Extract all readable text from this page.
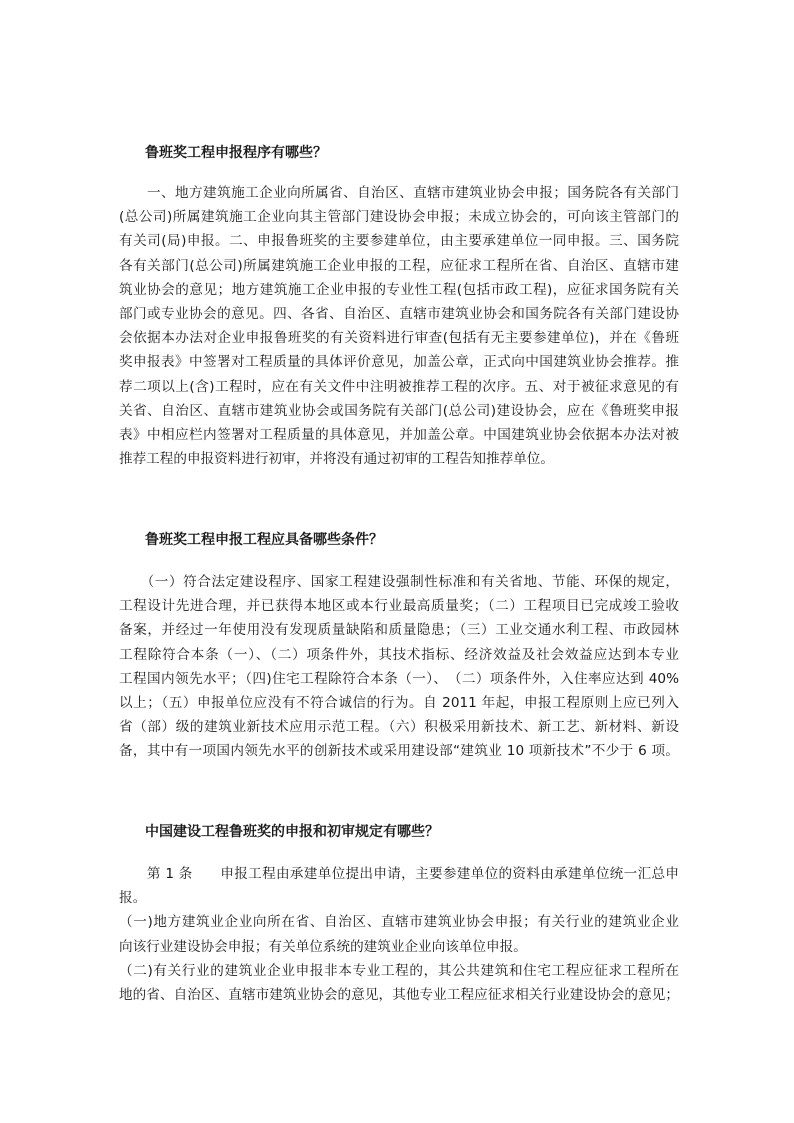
鲁班奖工程申报程序有哪些？
　　一、地方建筑施工企业向所属省、自治区、直辖市建筑业协会申报；国务院各有关部门
(总公司)所属建筑施工企业向其主管部门建设协会申报；未成立协会的，可向该主管部门的
有关司(局)申报。二、申报鲁班奖的主要参建单位，由主要承建单位一同申报。三、国务院
各有关部门(总公司)所属建筑施工企业申报的工程，应征求工程所在省、自治区、直辖市建
筑业协会的意见；地方建筑施工企业申报的专业性工程(包括市政工程)，应征求国务院有关
部门或专业协会的意见。四、各省、自治区、直辖市建筑业协会和国务院各有关部门建设协
会依据本办法对企业申报鲁班奖的有关资料进行审查(包括有无主要参建单位)，并在《鲁班
奖申报表》中签署对工程质量的具体评价意见，加盖公章，正式向中国建筑业协会推荐。推
荐二项以上(含)工程时，应在有关文件中注明被推荐工程的次序。五、对于被征求意见的有
关省、自治区、直辖市建筑业协会或国务院有关部门(总公司)建设协会，应在《鲁班奖申报
表》中相应栏内签署对工程质量的具体意见，并加盖公章。中国建筑业协会依据本办法对被
推荐工程的申报资料进行初审，并将没有通过初审的工程告知推荐单位。
鲁班奖工程申报工程应具备哪些条件？
　　（一）符合法定建设程序、国家工程建设强制性标准和有关省地、节能、环保的规定，
工程设计先进合理，并已获得本地区或本行业最高质量奖；（二）工程项目已完成竣工验收
备案，并经过一年使用没有发现质量缺陷和质量隐患；（三）工业交通水利工程、市政园林
工程除符合本条（一）、（二）项条件外，其技术指标、经济效益及社会效益应达到本专业
工程国内领先水平；（四)住宅工程除符合本条（一）、　（二）项条件外，入住率应达到 40%
以上；（五）申报单位应没有不符合诚信的行为。自 2011 年起，申报工程原则上应已列入
省（部）级的建筑业新技术应用示范工程。（六）积极采用新技术、新工艺、新材料、新设
备，其中有一项国内领先水平的创新技术或采用建设部“建筑业 10 项新技术”不少于 6 项。
中国建设工程鲁班奖的申报和初审规定有哪些？
　　第 1 条　　申报工程由承建单位提出申请，主要参建单位的资料由承建单位统一汇总申
报。
（一)地方建筑业企业向所在省、自治区、直辖市建筑业协会申报；有关行业的建筑业企业
向该行业建设协会申报；有关单位系统的建筑业企业向该单位申报。
（二)有关行业的建筑业企业申报非本专业工程的，其公共建筑和住宅工程应征求工程所在
地的省、自治区、直辖市建筑业协会的意见，其他专业工程应征求相关行业建设协会的意见；
